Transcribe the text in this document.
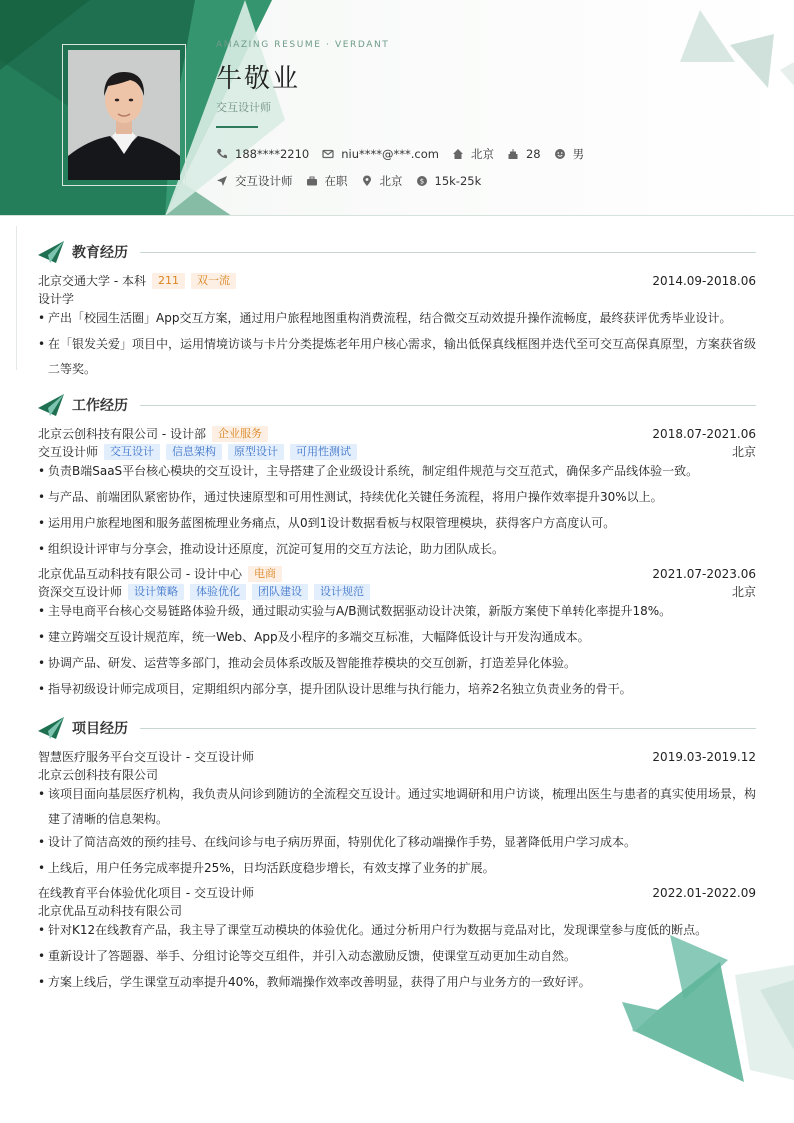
AMAZING RESUME · VERDANT
牛敬业
交互设计师
188****2210	niu****@***.com	北京	28	男
交互设计师	在职	北京 $ 15k-25k
教育经历
北京交通大学 - 本科	211	双一流	2014.09-2018.06
设计学
• 产出「校园生活圈」App交互方案，通过用户旅程地图重构消费流程，结合微交互动效提升操作流畅度，最终获评优秀毕业设计。
• 在「银发关爱」项目中，运用情境访谈与卡片分类提炼老年用户核心需求，输出低保真线框图并迭代至可交互高保真原型，方案获省级二等奖。
工作经历
北京云创科技有限公司 - 设计部	企业服务	2018.07-2021.06
交互设计师	交互设计	信息架构	原型设计	可用性测试	北京
• 负责B端SaaS平台核心模块的交互设计，主导搭建了企业级设计系统，制定组件规范与交互范式，确保多产品线体验一致。
• 与产品、前端团队紧密协作，通过快速原型和可用性测试，持续优化关键任务流程，将用户操作效率提升30%以上。
• 运用用户旅程地图和服务蓝图梳理业务痛点，从0到1设计数据看板与权限管理模块，获得客户方高度认可。
• 组织设计评审与分享会，推动设计还原度，沉淀可复用的交互方法论，助力团队成长。
北京优品互动科技有限公司 - 设计中心	电商	2021.07-2023.06
资深交互设计师	设计策略	体验优化	团队建设	设计规范	北京
• 主导电商平台核心交易链路体验升级，通过眼动实验与A/B测试数据驱动设计决策，新版方案使下单转化率提升18%。
• 建立跨端交互设计规范库，统一Web、App及小程序的多端交互标准，大幅降低设计与开发沟通成本。
• 协调产品、研发、运营等多部门，推动会员体系改版及智能推荐模块的交互创新，打造差异化体验。
• 指导初级设计师完成项目，定期组织内部分享，提升团队设计思维与执行能力，培养2名独立负责业务的骨干。
项目经历
智慧医疗服务平台交互设计 - 交互设计师	2019.03-2019.12
北京云创科技有限公司
• 该项目面向基层医疗机构，我负责从问诊到随访的全流程交互设计。通过实地调研和用户访谈，梳理出医生与患者的真实使用场景，构建了清晰的信息架构。
• 设计了简洁高效的预约挂号、在线问诊与电子病历界面，特别优化了移动端操作手势，显著降低用户学习成本。
• 上线后，用户任务完成率提升25%，日均活跃度稳步增长，有效支撑了业务的扩展。
在线教育平台体验优化项目 - 交互设计师	2022.01-2022.09
北京优品互动科技有限公司
• 针对K12在线教育产品，我主导了课堂互动模块的体验优化。通过分析用户行为数据与竞品对比，发现课堂参与度低的断点。
• 重新设计了答题器、举手、分组讨论等交互组件，并引入动态激励反馈，使课堂互动更加生动自然。
• 方案上线后，学生课堂互动率提升40%，教师端操作效率改善明显，获得了用户与业务方的一致好评。
